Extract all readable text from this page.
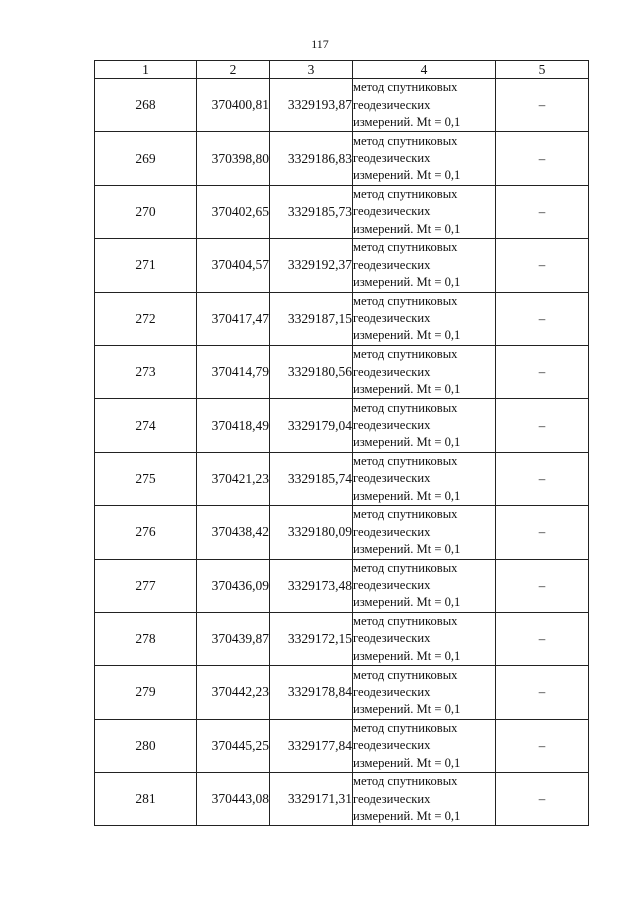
117
1	2	3	4	5
268	370400,81	3329193,87	метод спутниковых
геодезических
измерений. Mt = 0,1	–
269	370398,80	3329186,83	метод спутниковых
геодезических
измерений. Mt = 0,1	–
270	370402,65	3329185,73	метод спутниковых
геодезических
измерений. Mt = 0,1	–
271	370404,57	3329192,37	метод спутниковых
геодезических
измерений. Mt = 0,1	–
272	370417,47	3329187,15	метод спутниковых
геодезических
измерений. Mt = 0,1	–
273	370414,79	3329180,56	метод спутниковых
геодезических
измерений. Mt = 0,1	–
274	370418,49	3329179,04	метод спутниковых
геодезических
измерений. Mt = 0,1	–
275	370421,23	3329185,74	метод спутниковых
геодезических
измерений. Mt = 0,1	–
276	370438,42	3329180,09	метод спутниковых
геодезических
измерений. Mt = 0,1	–
277	370436,09	3329173,48	метод спутниковых
геодезических
измерений. Mt = 0,1	–
278	370439,87	3329172,15	метод спутниковых
геодезических
измерений. Mt = 0,1	–
279	370442,23	3329178,84	метод спутниковых
геодезических
измерений. Mt = 0,1	–
280	370445,25	3329177,84	метод спутниковых
геодезических
измерений. Mt = 0,1	–
281	370443,08	3329171,31	метод спутниковых
геодезических
измерений. Mt = 0,1	–
